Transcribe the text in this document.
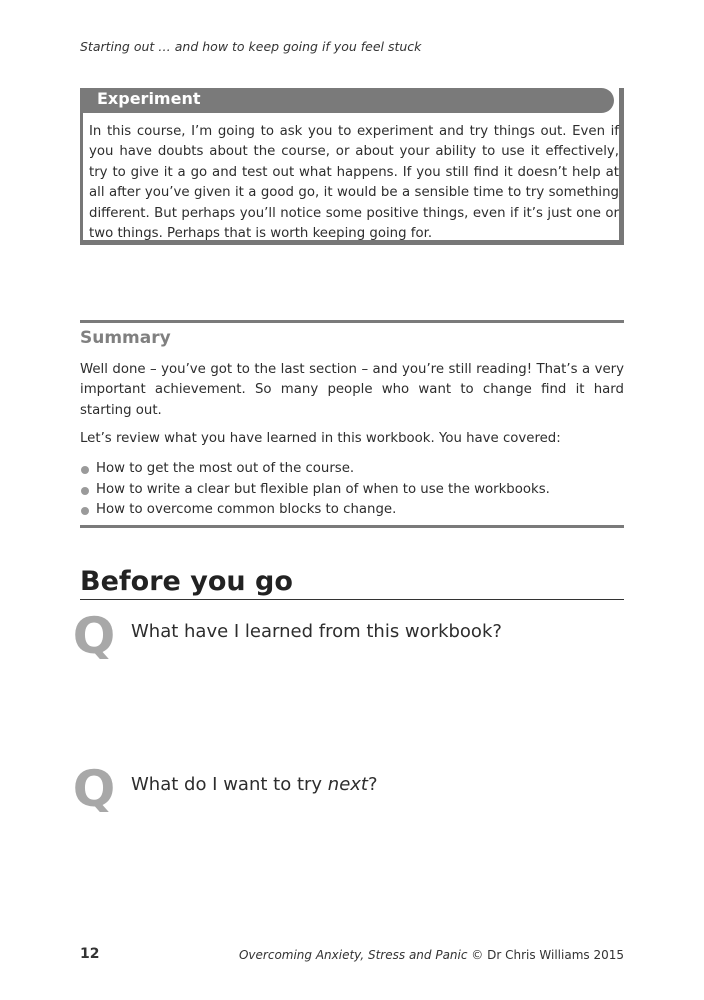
Starting out … and how to keep going if you feel stuck
Experiment
In this course, I’m going to ask you to experiment and try things out. Even if you have doubts about the course, or about your ability to use it effectively, try to give it a go and test out what happens. If you still find it doesn’t help at all after you’ve given it a good go, it would be a sensible time to try something different. But perhaps you’ll notice some positive things, even if it’s just one or two things. Perhaps that is worth keeping going for.
Summary
Well done – you’ve got to the last section – and you’re still reading! That’s a very important achievement. So many people who want to change find it hard starting out.
Let’s review what you have learned in this workbook. You have covered:
How to get the most out of the course.
How to write a clear but flexible plan of when to use the workbooks.
How to overcome common blocks to change.
Before you go
Q What have I learned from this workbook?
Q What do I want to try next?
12	Overcoming Anxiety, Stress and Panic © Dr Chris Williams 2015
